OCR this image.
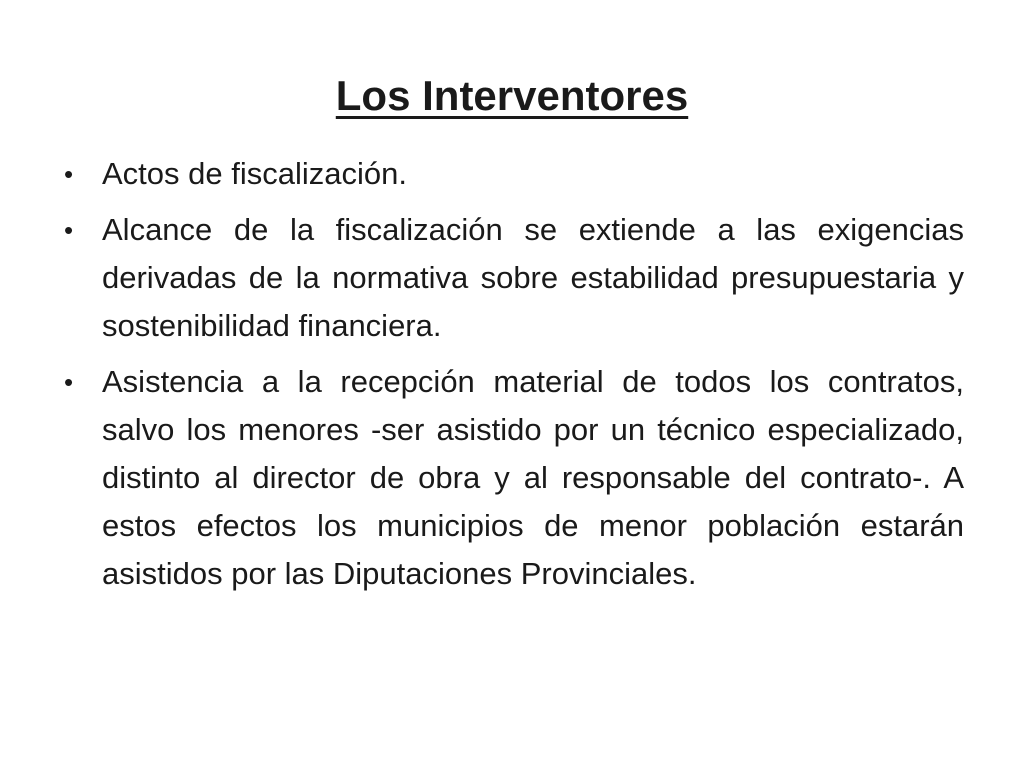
Los Interventores
• Actos de fiscalización.
• Alcance de la fiscalización se extiende a las exigencias derivadas de la normativa sobre estabilidad presupuestaria y sostenibilidad financiera.
• Asistencia a la recepción material de todos los contratos, salvo los menores -ser asistido por un técnico especializado, distinto al director de obra y al responsable del contrato-. A estos efectos los municipios de menor población estarán asistidos por las Diputaciones Provinciales.
